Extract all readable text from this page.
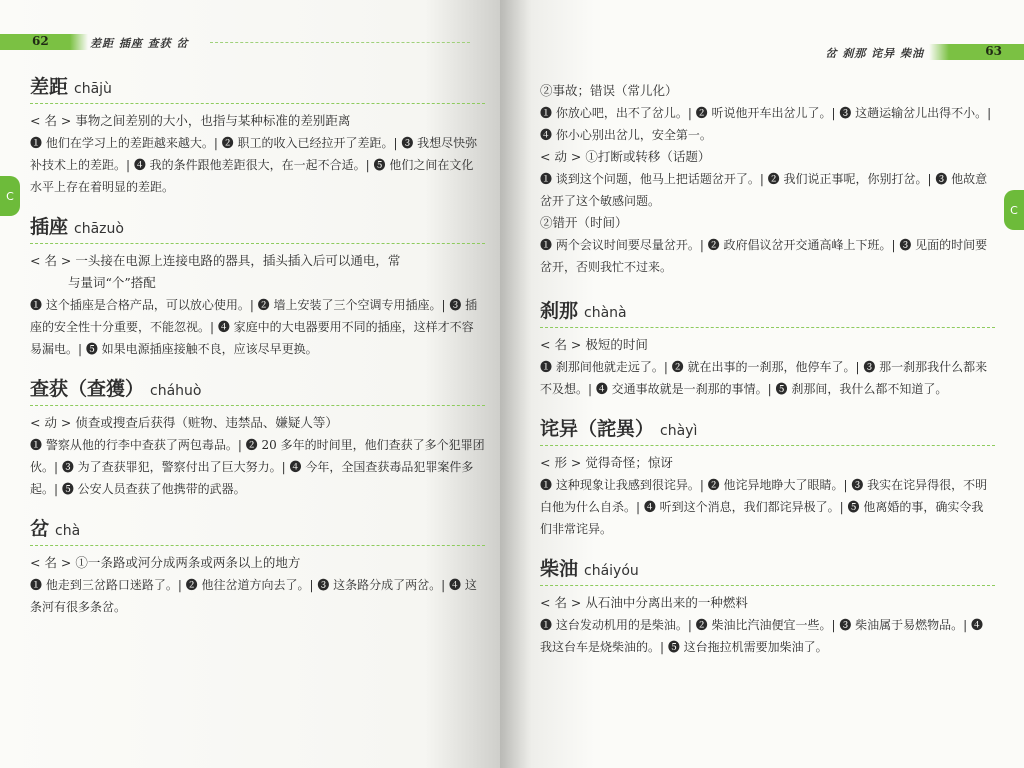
62	差距 插座 查获 岔
C
差距 chājù
< 名 > 事物之间差别的大小，也指与某种标准的差别距离
❶ 他们在学习上的差距越来越大。| ❷ 职工的收入已经拉开了差距。| ❸ 我想尽快弥补技术上的差距。| ❹ 我的条件跟他差距很大，在一起不合适。| ❺ 他们之间在文化水平上存在着明显的差距。
插座 chāzuò
< 名 > 一头接在电源上连接电路的器具，插头插入后可以通电，常
与量词“个”搭配
❶ 这个插座是合格产品，可以放心使用。| ❷ 墙上安装了三个空调专用插座。| ❸ 插座的安全性十分重要，不能忽视。| ❹ 家庭中的大电器要用不同的插座，这样才不容易漏电。| ❺ 如果电源插座接触不良，应该尽早更换。
查获（查獲） cháhuò
< 动 > 侦查或搜查后获得（赃物、违禁品、嫌疑人等）
❶ 警察从他的行李中查获了两包毒品。| ❷ 20 多年的时间里，他们查获了多个犯罪团伙。| ❸ 为了查获罪犯，警察付出了巨大努力。| ❹ 今年，全国查获毒品犯罪案件多起。| ❺ 公安人员查获了他携带的武器。
岔 chà
< 名 > ①一条路或河分成两条或两条以上的地方
❶ 他走到三岔路口迷路了。| ❷ 他往岔道方向去了。| ❸ 这条路分成了两岔。| ❹ 这条河有很多条岔。
63
岔 刹那 诧异 柴油
C
②事故；错误（常儿化）
❶ 你放心吧，出不了岔儿。| ❷ 听说他开车出岔儿了。| ❸ 这趟运输岔儿出得不小。| ❹ 你小心别出岔儿，安全第一。
< 动 > ①打断或转移（话题）
❶ 谈到这个问题，他马上把话题岔开了。| ❷ 我们说正事呢，你别打岔。| ❸ 他故意岔开了这个敏感问题。
②错开（时间）
❶ 两个会议时间要尽量岔开。| ❷ 政府倡议岔开交通高峰上下班。| ❸ 见面的时间要岔开，否则我忙不过来。
刹那 chànà
< 名 > 极短的时间
❶ 刹那间他就走远了。| ❷ 就在出事的一刹那，他停车了。| ❸ 那一刹那我什么都来不及想。| ❹ 交通事故就是一刹那的事情。| ❺ 刹那间，我什么都不知道了。
诧异（詫異） chàyì
< 形 > 觉得奇怪；惊讶
❶ 这种现象让我感到很诧异。| ❷ 他诧异地睁大了眼睛。| ❸ 我实在诧异得很，不明白他为什么自杀。| ❹ 听到这个消息，我们都诧异极了。| ❺ 他离婚的事，确实令我们非常诧异。
柴油 cháiyóu
< 名 > 从石油中分离出来的一种燃料
❶ 这台发动机用的是柴油。| ❷ 柴油比汽油便宜一些。| ❸ 柴油属于易燃物品。| ❹ 我这台车是烧柴油的。| ❺ 这台拖拉机需要加柴油了。
